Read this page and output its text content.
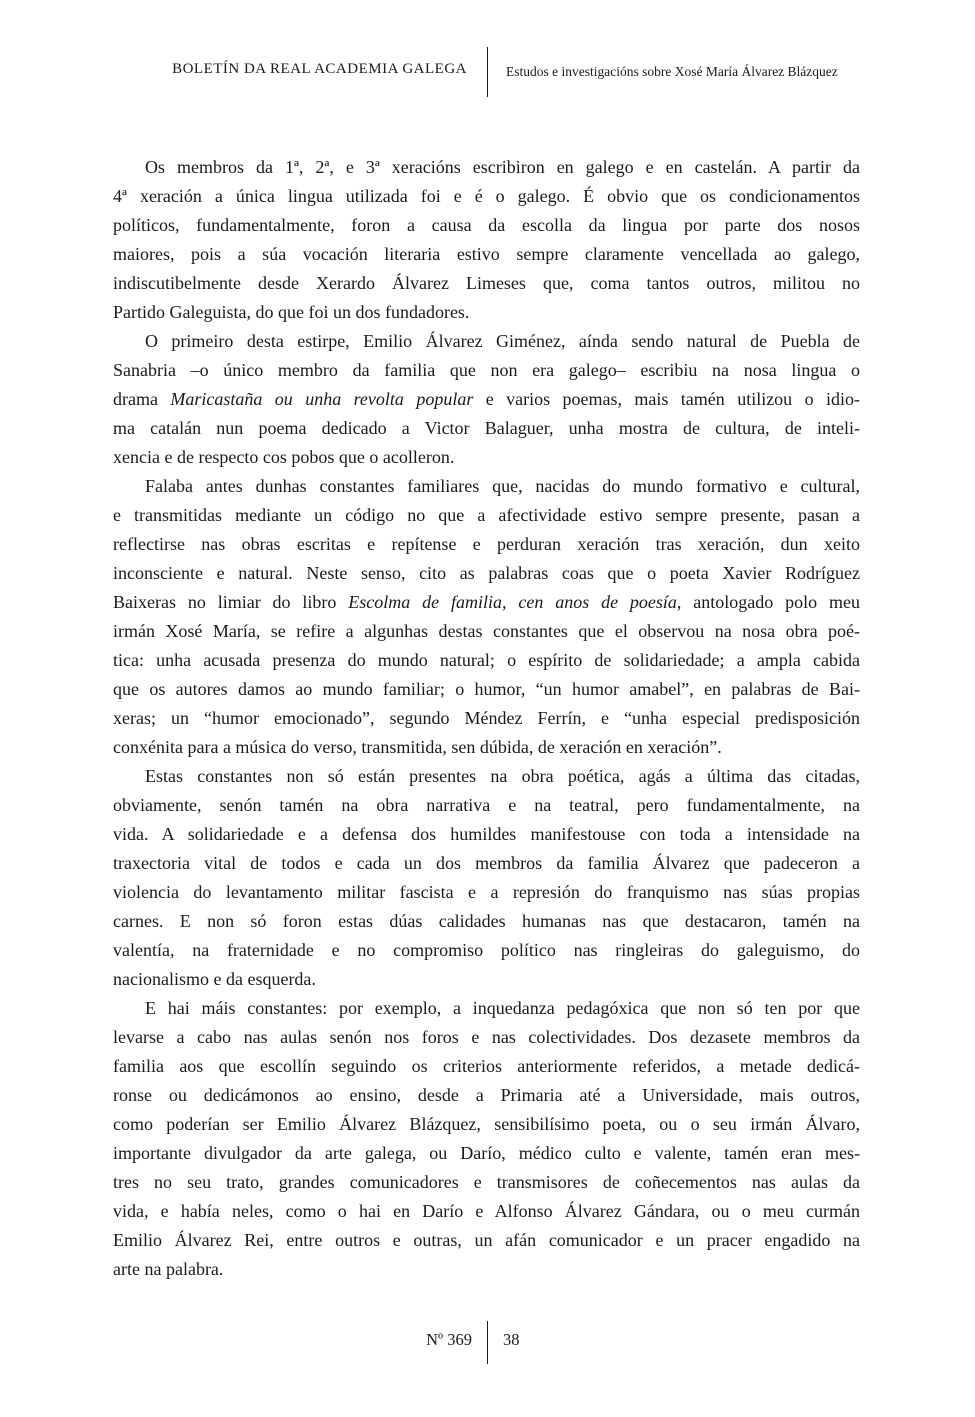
BOLETÍN DA REAL ACADEMIA GALEGA	Estudos e investigacións sobre Xosé María Álvarez Blázquez
Os membros da 1ª, 2ª, e 3ª xeracións escribiron en galego e en castelán. A partir da
4ª xeración a única lingua utilizada foi e é o galego. É obvio que os condicionamentos
políticos, fundamentalmente, foron a causa da escolla da lingua por parte dos nosos
maiores, pois a súa vocación literaria estivo sempre claramente vencellada ao galego,
indiscutibelmente desde Xerardo Álvarez Limeses que, coma tantos outros, militou no
Partido Galeguista, do que foi un dos fundadores.
O primeiro desta estirpe, Emilio Álvarez Giménez, aínda sendo natural de Puebla de
Sanabria –o único membro da familia que non era galego– escribiu na nosa lingua o
drama Maricastaña ou unha revolta popular e varios poemas, mais tamén utilizou o idio-
ma catalán nun poema dedicado a Victor Balaguer, unha mostra de cultura, de inteli-
xencia e de respecto cos pobos que o acolleron.
Falaba antes dunhas constantes familiares que, nacidas do mundo formativo e cultural,
e transmitidas mediante un código no que a afectividade estivo sempre presente, pasan a
reflectirse nas obras escritas e repítense e perduran xeración tras xeración, dun xeito
inconsciente e natural. Neste senso, cito as palabras coas que o poeta Xavier Rodríguez
Baixeras no limiar do libro Escolma de familia, cen anos de poesía, antologado polo meu
irmán Xosé María, se refire a algunhas destas constantes que el observou na nosa obra poé-
tica: unha acusada presenza do mundo natural; o espírito de solidariedade; a ampla cabida
que os autores damos ao mundo familiar; o humor, “un humor amabel”, en palabras de Bai-
xeras; un “humor emocionado”, segundo Méndez Ferrín, e “unha especial predisposición
conxénita para a música do verso, transmitida, sen dúbida, de xeración en xeración”.
Estas constantes non só están presentes na obra poética, agás a última das citadas,
obviamente, senón tamén na obra narrativa e na teatral, pero fundamentalmente, na
vida. A solidariedade e a defensa dos humildes manifestouse con toda a intensidade na
traxectoria vital de todos e cada un dos membros da familia Álvarez que padeceron a
violencia do levantamento militar fascista e a represión do franquismo nas súas propias
carnes. E non só foron estas dúas calidades humanas nas que destacaron, tamén na
valentía, na fraternidade e no compromiso político nas ringleiras do galeguismo, do
nacionalismo e da esquerda.
E hai máis constantes: por exemplo, a inquedanza pedagóxica que non só ten por que
levarse a cabo nas aulas senón nos foros e nas colectividades. Dos dezasete membros da
familia aos que escollín seguindo os criterios anteriormente referidos, a metade dedicá-
ronse ou dedicámonos ao ensino, desde a Primaria até a Universidade, mais outros,
como poderían ser Emilio Álvarez Blázquez, sensibilísimo poeta, ou o seu irmán Álvaro,
importante divulgador da arte galega, ou Darío, médico culto e valente, tamén eran mes-
tres no seu trato, grandes comunicadores e transmisores de coñecementos nas aulas da
vida, e había neles, como o hai en Darío e Alfonso Álvarez Gándara, ou o meu curmán
Emilio Álvarez Rei, entre outros e outras, un afán comunicador e un pracer engadido na
arte na palabra.
Nº 369 38
